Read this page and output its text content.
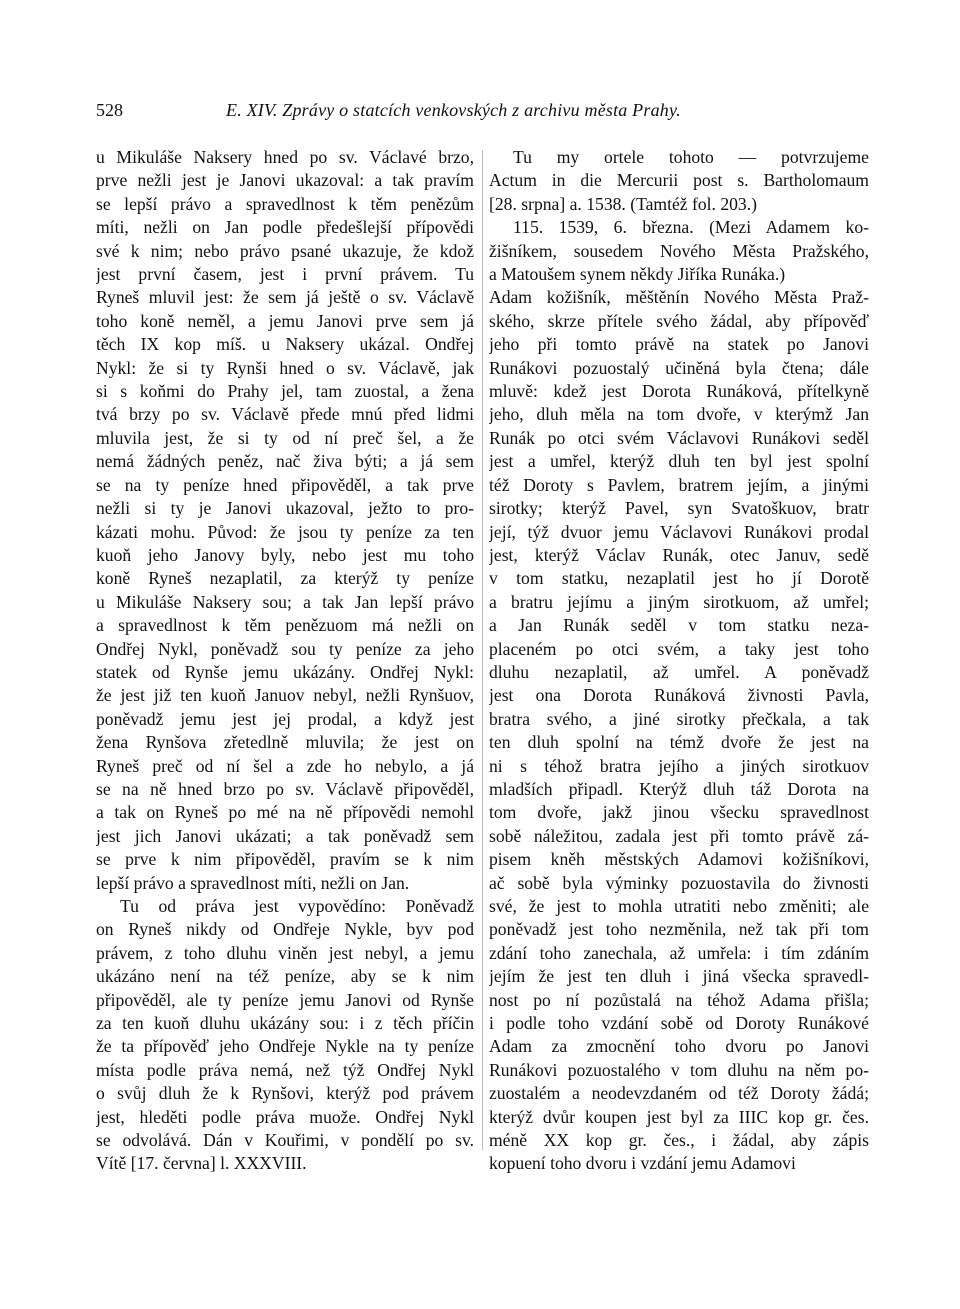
528	E. XIV. Zprávy o statcích venkovských z archivu města Prahy.
u Mikuláše Naksery hned po sv. Václavé brzo,
prve nežli jest je Janovi ukazoval: a tak pravím
se lepší právo a spravedlnost k těm penězům
míti, nežli on Jan podle předešlejší přípovědi
své k nim; nebo právo psané ukazuje, že kdož
jest první časem, jest i první právem. Tu
Ryneš mluvil jest: že sem já ještě o sv. Václavě
toho koně neměl, a jemu Janovi prve sem já
těch IX kop míš. u Naksery ukázal. Ondřej
Nykl: že si ty Rynši hned o sv. Václavě, jak
si s koňmi do Prahy jel, tam zuostal, a žena
tvá brzy po sv. Václavě přede mnú před lidmi
mluvila jest, že si ty od ní preč šel, a že
nemá žádných peněz, nač živa býti; a já sem
se na ty peníze hned připověděl, a tak prve
nežli si ty je Janovi ukazoval, ježto to pro-
kázati mohu. Původ: že jsou ty peníze za ten
kuoň jeho Janovy byly, nebo jest mu toho
koně Ryneš nezaplatil, za kterýž ty peníze
u Mikuláše Naksery sou; a tak Jan lepší právo
a spravedlnost k těm penězuom má nežli on
Ondřej Nykl, poněvadž sou ty peníze za jeho
statek od Rynše jemu ukázány. Ondřej Nykl:
že jest již ten kuoň Januov nebyl, nežli Rynšuov,
poněvadž jemu jest jej prodal, a když jest
žena Rynšova zřetedlně mluvila; že jest on
Ryneš preč od ní šel a zde ho nebylo, a já
se na ně hned brzo po sv. Václavě připověděl,
a tak on Ryneš po mé na ně přípovědi nemohl
jest jich Janovi ukázati; a tak poněvadž sem
se prve k nim připověděl, pravím se k nim
lepší právo a spravedlnost míti, nežli on Jan.
Tu od práva jest vypovědíno: Poněvadž
on Ryneš nikdy od Ondřeje Nykle, byv pod
právem, z toho dluhu viněn jest nebyl, a jemu
ukázáno není na též peníze, aby se k nim
připověděl, ale ty peníze jemu Janovi od Rynše
za ten kuoň dluhu ukázány sou: i z těch příčin
že ta přípověď jeho Ondřeje Nykle na ty peníze
místa podle práva nemá, než týž Ondřej Nykl
o svůj dluh že k Rynšovi, kterýž pod právem
jest, hleděti podle práva muože. Ondřej Nykl
se odvolává. Dán v Kouřimi, v pondělí po sv.
Vítě [17. června] l. XXXVIII.
Tu my ortele tohoto — potvrzujeme
Actum in die Mercurii post s. Bartholomaum
[28. srpna] a. 1538. (Tamtéž fol. 203.)
115. 1539, 6. března. (Mezi Adamem ko-
žišníkem, sousedem Nového Města Pražského,
a Matoušem synem někdy Jiříka Runáka.)
Adam kožišník, měštěnín Nového Města Praž-
ského, skrze přítele svého žádal, aby přípověď
jeho při tomto právě na statek po Janovi
Runákovi pozuostalý učiněná byla čtena; dále
mluvě: kdež jest Dorota Runáková, přítelkyně
jeho, dluh měla na tom dvoře, v kterýmž Jan
Runák po otci svém Václavovi Runákovi seděl
jest a umřel, kterýž dluh ten byl jest spolní
též Doroty s Pavlem, bratrem jejím, a jinými
sirotky; kterýž Pavel, syn Svatoškuov, bratr
její, týž dvuor jemu Václavovi Runákovi prodal
jest, kterýž Václav Runák, otec Januv, sedě
v tom statku, nezaplatil jest ho jí Dorotě
a bratru jejímu a jiným sirotkuom, až umřel;
a Jan Runák seděl v tom statku neza-
placeném po otci svém, a taky jest toho
dluhu nezaplatil, až umřel. A poněvadž
jest ona Dorota Runáková živnosti Pavla,
bratra svého, a jiné sirotky přečkala, a tak
ten dluh spolní na témž dvoře že jest na
ni s téhož bratra jejího a jiných sirotkuov
mladších připadl. Kterýž dluh táž Dorota na
tom dvoře, jakž jinou všecku spravedlnost
sobě náležitou, zadala jest při tomto právě zá-
pisem kněh městských Adamovi kožišníkovi,
ač sobě byla výminky pozuostavila do živnosti
své, že jest to mohla utratiti nebo změniti; ale
poněvadž jest toho nezměnila, než tak při tom
zdání toho zanechala, až umřela: i tím zdáním
jejím že jest ten dluh i jiná všecka spravedl-
nost po ní pozůstalá na téhož Adama přišla;
i podle toho vzdání sobě od Doroty Runákové
Adam za zmocnění toho dvoru po Janovi
Runákovi pozuostalého v tom dluhu na něm po-
zuostalém a neodevzdaném od též Doroty žádá;
kterýž dvůr koupen jest byl za IIIC kop gr. čes.
méně XX kop gr. čes., i žádal, aby zápis
kopuení toho dvoru i vzdání jemu Adamovi
